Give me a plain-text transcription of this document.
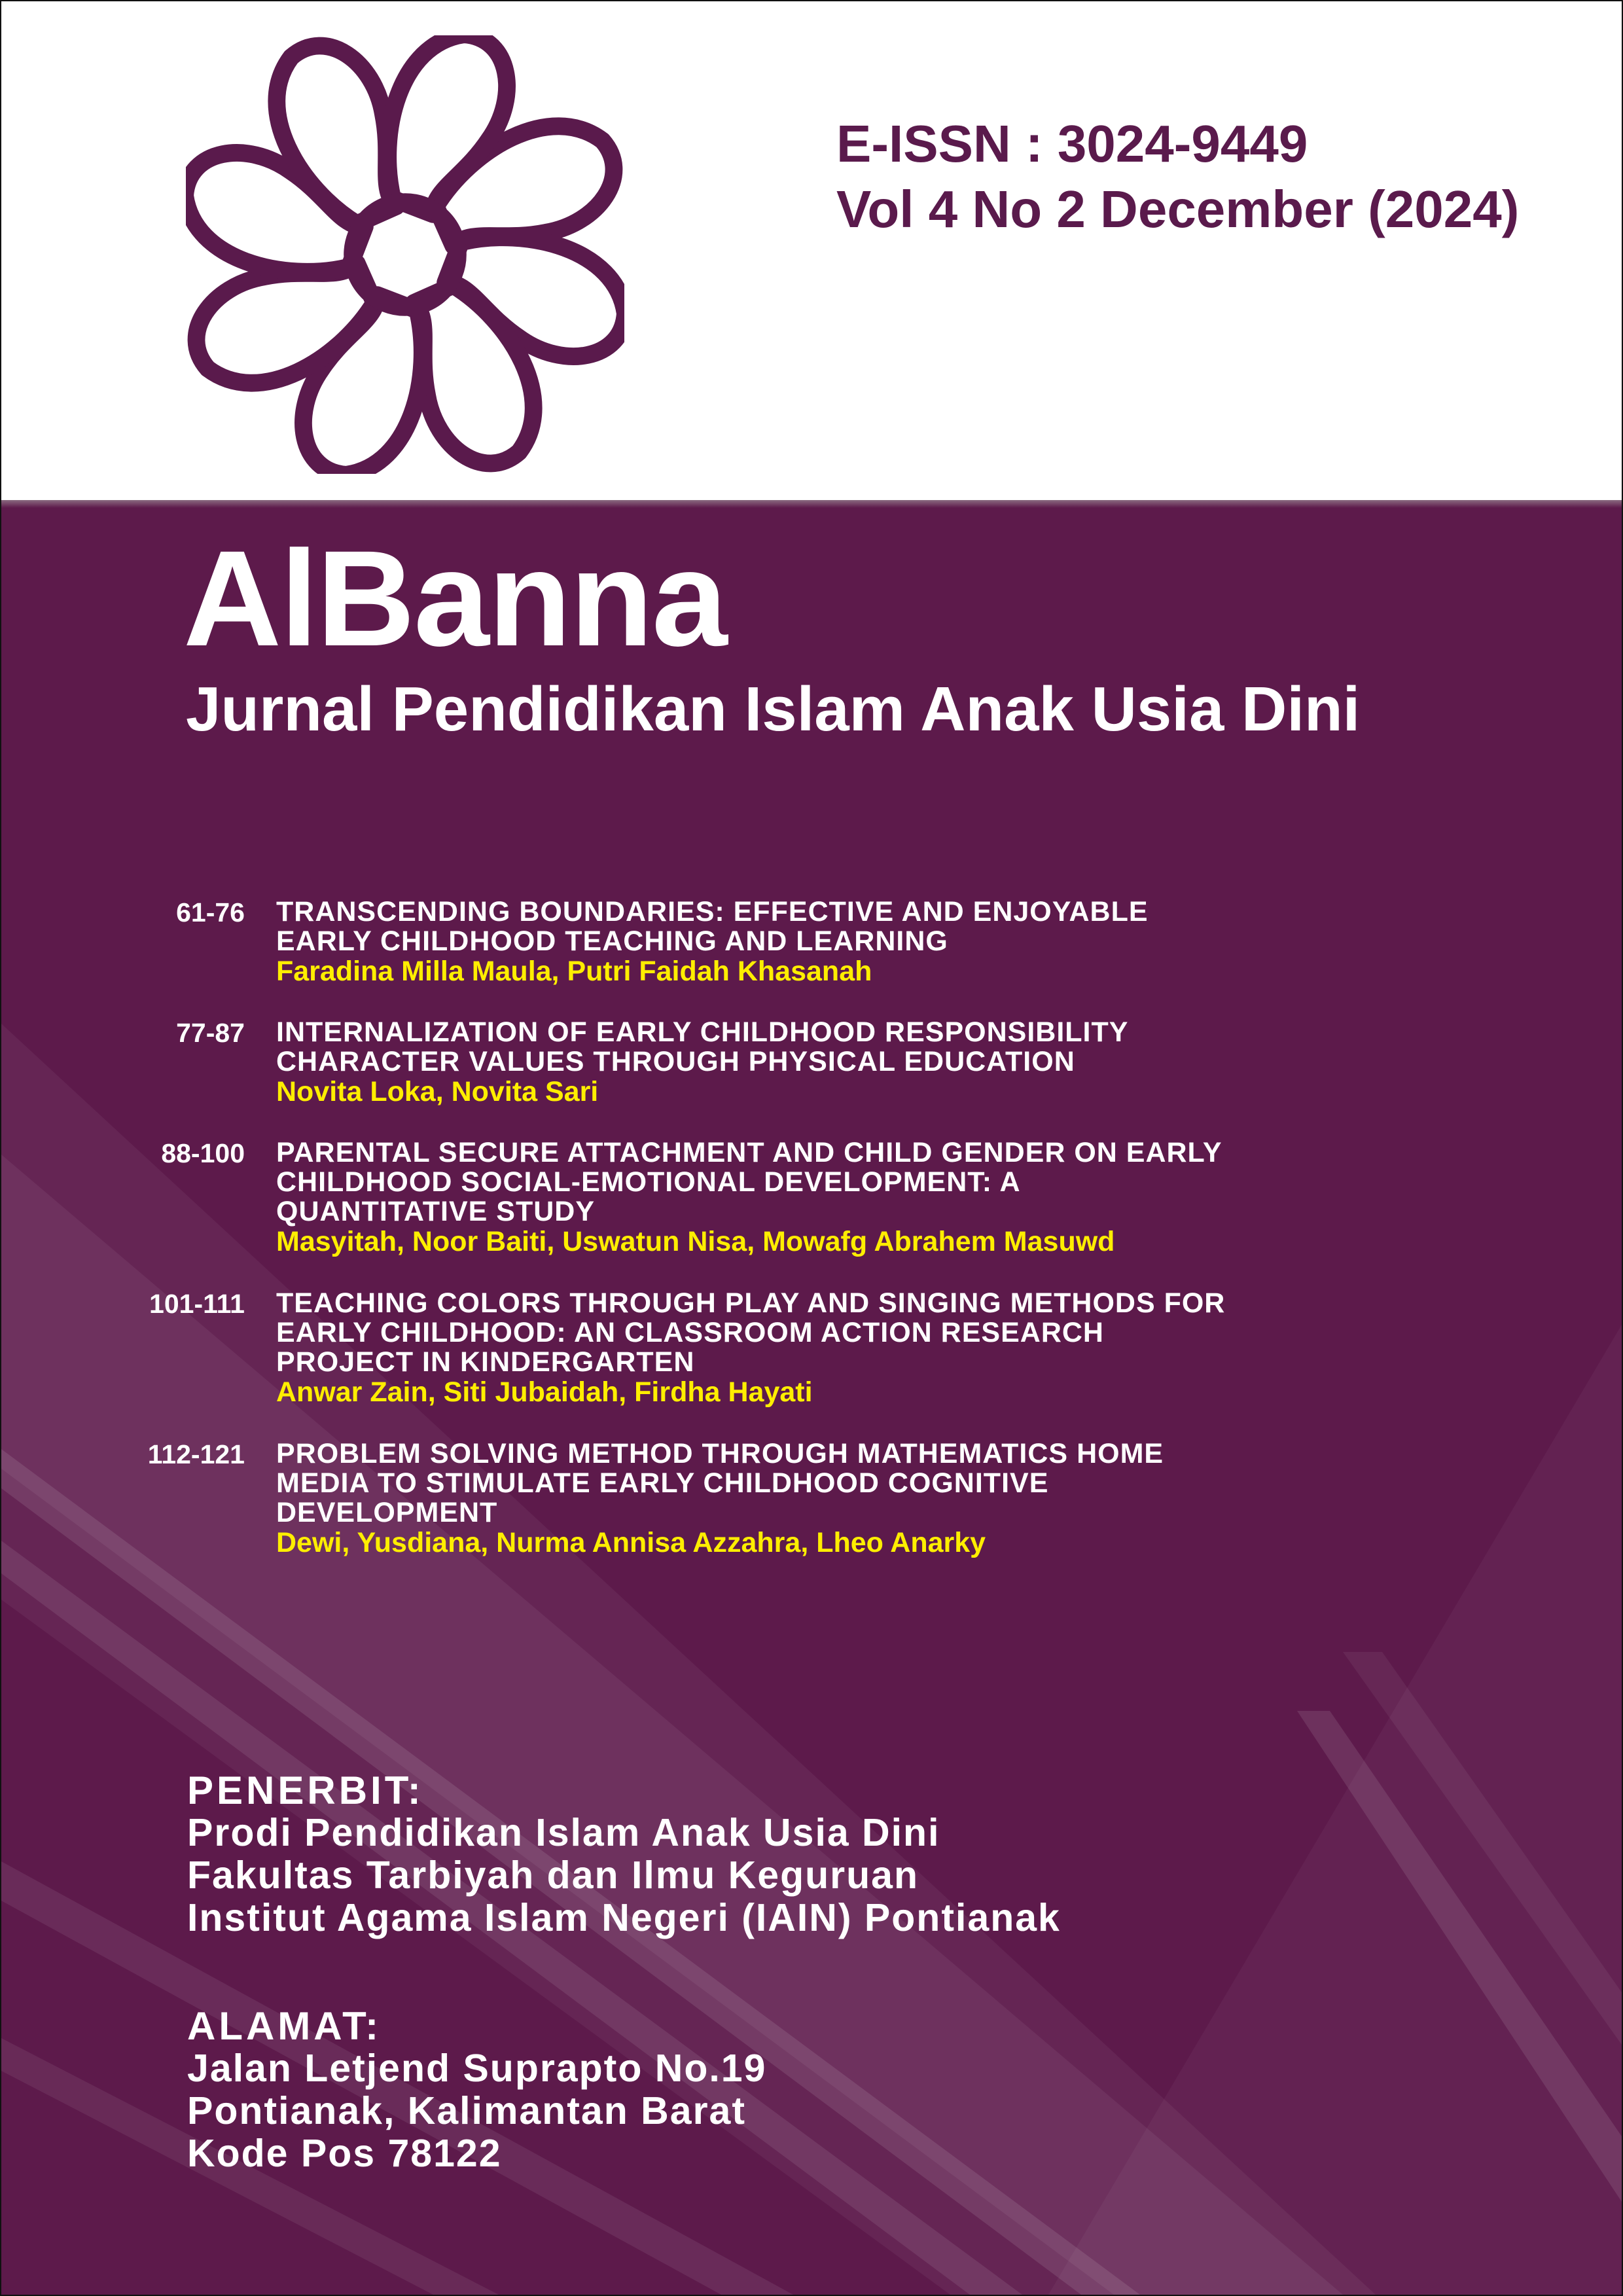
E-ISSN : 3024-9449
Vol 4 No 2 December (2024)
AlBanna
Jurnal Pendidikan Islam Anak Usia Dini
61-76 TRANSCENDING BOUNDARIES: EFFECTIVE AND ENJOYABLE
EARLY CHILDHOOD TEACHING AND LEARNING
Faradina Milla Maula, Putri Faidah Khasanah
77-87 INTERNALIZATION OF EARLY CHILDHOOD RESPONSIBILITY
CHARACTER VALUES THROUGH PHYSICAL EDUCATION
Novita Loka, Novita Sari
88-100 PARENTAL SECURE ATTACHMENT AND CHILD GENDER ON EARLY
CHILDHOOD SOCIAL-EMOTIONAL DEVELOPMENT: A
QUANTITATIVE STUDY
Masyitah, Noor Baiti, Uswatun Nisa, Mowafg Abrahem Masuwd
101-111 TEACHING COLORS THROUGH PLAY AND SINGING METHODS FOR
EARLY CHILDHOOD: AN CLASSROOM ACTION RESEARCH
PROJECT IN KINDERGARTEN
Anwar Zain, Siti Jubaidah, Firdha Hayati
112-121 PROBLEM SOLVING METHOD THROUGH MATHEMATICS HOME
MEDIA TO STIMULATE EARLY CHILDHOOD COGNITIVE
DEVELOPMENT
Dewi, Yusdiana, Nurma Annisa Azzahra, Lheo Anarky
PENERBIT:
Prodi Pendidikan Islam Anak Usia Dini
Fakultas Tarbiyah dan Ilmu Keguruan
Institut Agama Islam Negeri (IAIN) Pontianak
ALAMAT:
Jalan Letjend Suprapto No.19
Pontianak, Kalimantan Barat
Kode Pos 78122
